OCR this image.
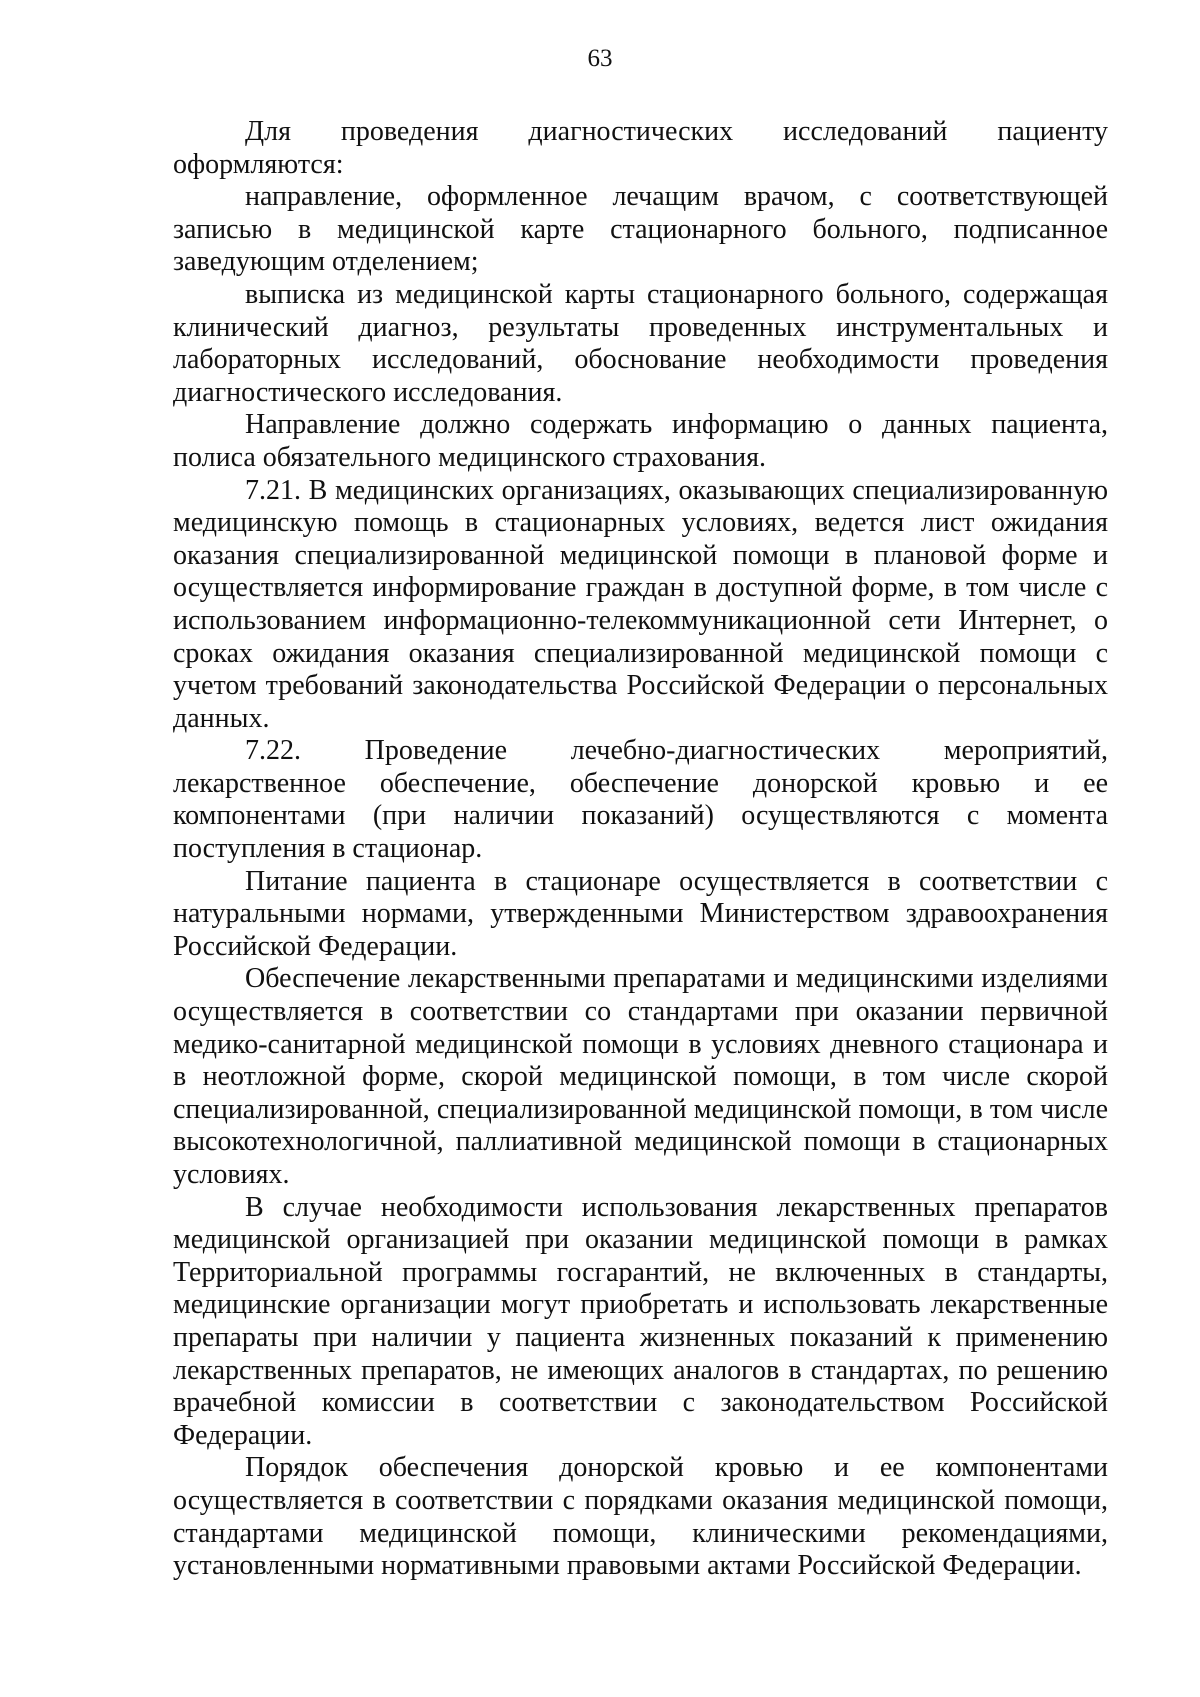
63

Для проведения диагностических исследований пациенту оформляются:

направление, оформленное лечащим врачом, с соответствующей записью в медицинской карте стационарного больного, подписанное заведующим отделением;

выписка из медицинской карты стационарного больного, содержащая клинический диагноз, результаты проведенных инструментальных и лабораторных исследований, обоснование необходимости проведения диагностического исследования.

Направление должно содержать информацию о данных пациента, полиса обязательного медицинского страхования.

7.21. В медицинских организациях, оказывающих специализированную медицинскую помощь в стационарных условиях, ведется лист ожидания оказания специализированной медицинской помощи в плановой форме и осуществляется информирование граждан в доступной форме, в том числе с использованием информационно-телекоммуникационной сети Интернет, о сроках ожидания оказания специализированной медицинской помощи с учетом требований законодательства Российской Федерации о персональных данных.

7.22. Проведение лечебно-диагностических мероприятий, лекарственное обеспечение, обеспечение донорской кровью и ее компонентами (при наличии показаний) осуществляются с момента поступления в стационар.

Питание пациента в стационаре осуществляется в соответствии с натуральными нормами, утвержденными Министерством здравоохранения Российской Федерации.

Обеспечение лекарственными препаратами и медицинскими изделиями осуществляется в соответствии со стандартами при оказании первичной медико-санитарной медицинской помощи в условиях дневного стационара и в неотложной форме, скорой медицинской помощи, в том числе скорой специализированной, специализированной медицинской помощи, в том числе высокотехнологичной, паллиативной медицинской помощи в стационарных условиях.

В случае необходимости использования лекарственных препаратов медицинской организацией при оказании медицинской помощи в рамках Территориальной программы госгарантий, не включенных в стандарты, медицинские организации могут приобретать и использовать лекарственные препараты при наличии у пациента жизненных показаний к применению лекарственных препаратов, не имеющих аналогов в стандартах, по решению врачебной комиссии в соответствии с законодательством Российской Федерации.

Порядок обеспечения донорской кровью и ее компонентами осуществляется в соответствии с порядками оказания медицинской помощи, стандартами медицинской помощи, клиническими рекомендациями, установленными нормативными правовыми актами Российской Федерации.
